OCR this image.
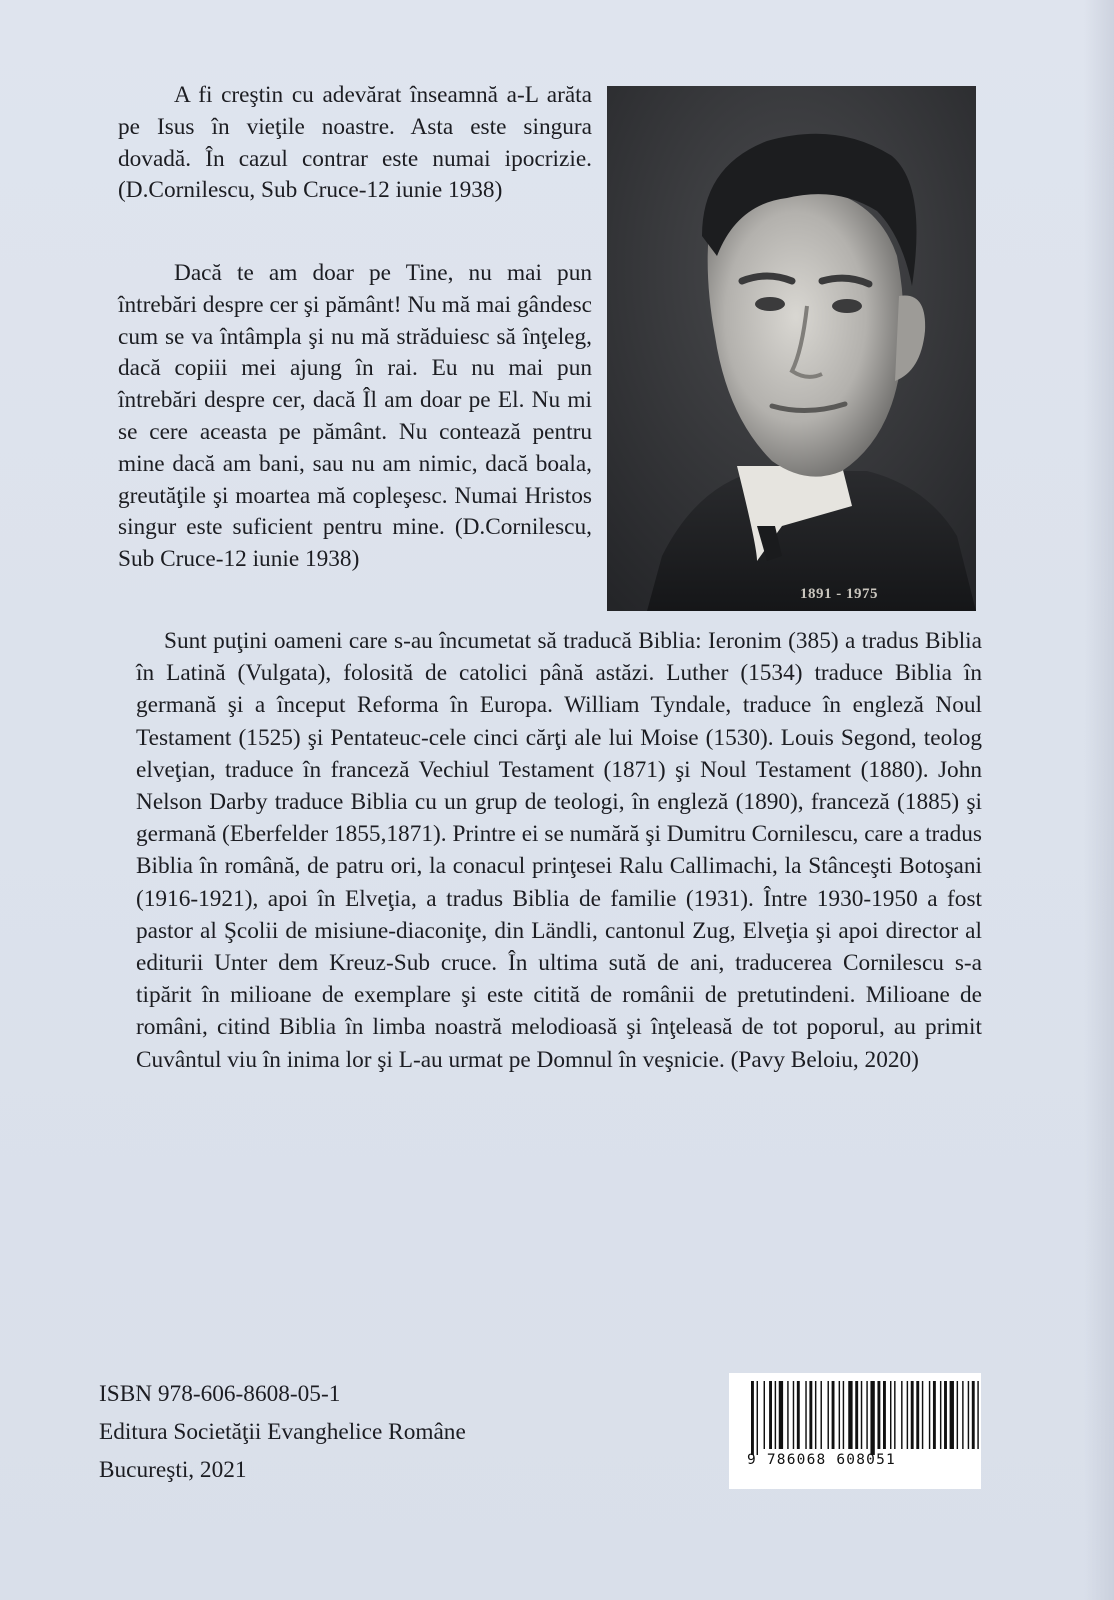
A fi creştin cu adevărat înseamnă a-L arăta pe Isus în vieţile noastre. Asta este singura dovadă. În cazul contrar este numai ipocrizie. (D.Cornilescu, Sub Cruce-12 iunie 1938)

Dacă te am doar pe Tine, nu mai pun întrebări despre cer şi pământ! Nu mă mai gândesc cum se va întâmpla şi nu mă străduiesc să înţeleg, dacă copiii mei ajung în rai. Eu nu mai pun întrebări despre cer, dacă Îl am doar pe El. Nu mi se cere aceasta pe pământ. Nu contează pentru mine dacă am bani, sau nu am nimic, dacă boala, greutăţile şi moartea mă copleşesc. Numai Hristos singur este suficient pentru mine. (D.Cornilescu, Sub Cruce-12 iunie 1938)

1891 - 1975

Sunt puţini oameni care s-au încumetat să traducă Biblia: Ieronim (385) a tradus Biblia în Latină (Vulgata), folosită de catolici până astăzi. Luther (1534) traduce Biblia în germană şi a început Reforma în Europa. William Tyndale, traduce în engleză Noul Testament (1525) şi Pentateuc-cele cinci cărţi ale lui Moise (1530). Louis Segond, teolog elveţian, traduce în franceză Vechiul Testament (1871) şi Noul Testament (1880). John Nelson Darby traduce Biblia cu un grup de teologi, în engleză (1890), franceză (1885) şi germană (Eberfelder 1855,1871). Printre ei se numără şi Dumitru Cornilescu, care a tradus Biblia în română, de patru ori, la conacul prinţesei Ralu Callimachi, la Stânceşti Botoşani (1916-1921), apoi în Elveţia, a tradus Biblia de familie (1931). Între 1930-1950 a fost pastor al Şcolii de misiune-diaconiţe, din Ländli, cantonul Zug, Elveţia şi apoi director al editurii Unter dem Kreuz-Sub cruce. În ultima sută de ani, traducerea Cornilescu s-a tipărit în milioane de exemplare şi este citită de românii de pretutindeni. Milioane de români, citind Biblia în limba noastră melodioasă şi înţeleasă de tot poporul, au primit Cuvântul viu în inima lor şi L-au urmat pe Domnul în veşnicie. (Pavy Beloiu, 2020)

ISBN 978-606-8608-05-1
Editura Societăţii Evanghelice Române
Bucureşti, 2021	9 786068 608051
